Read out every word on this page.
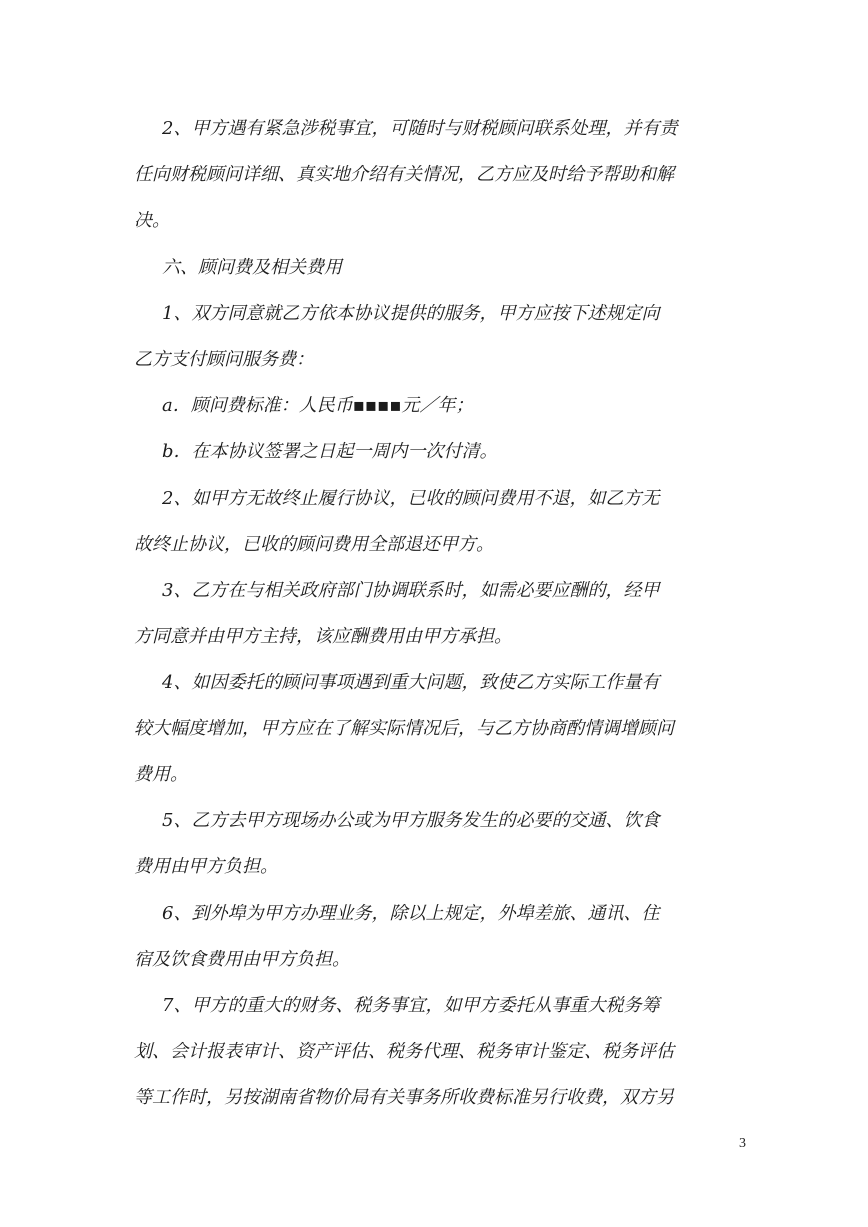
2、甲方遇有紧急涉税事宜，可随时与财税顾问联系处理，并有责
任向财税顾问详细、真实地介绍有关情况，乙方应及时给予帮助和解
决。
六、顾问费及相关费用
1、双方同意就乙方依本协议提供的服务，甲方应按下述规定向
乙方支付顾问服务费：
a．顾问费标准：人民币▪▪▪▪元／年；
b．在本协议签署之日起一周内一次付清。
2、如甲方无故终止履行协议，已收的顾问费用不退，如乙方无
故终止协议，已收的顾问费用全部退还甲方。
3、乙方在与相关政府部门协调联系时，如需必要应酬的，经甲
方同意并由甲方主持，该应酬费用由甲方承担。
4、如因委托的顾问事项遇到重大问题，致使乙方实际工作量有
较大幅度增加，甲方应在了解实际情况后，与乙方协商酌情调增顾问
费用。
5、乙方去甲方现场办公或为甲方服务发生的必要的交通、饮食
费用由甲方负担。
6、到外埠为甲方办理业务，除以上规定，外埠差旅、通讯、住
宿及饮食费用由甲方负担。
7、甲方的重大的财务、税务事宜，如甲方委托从事重大税务筹
划、会计报表审计、资产评估、税务代理、税务审计鉴定、税务评估
等工作时，另按湖南省物价局有关事务所收费标准另行收费，双方另
3
